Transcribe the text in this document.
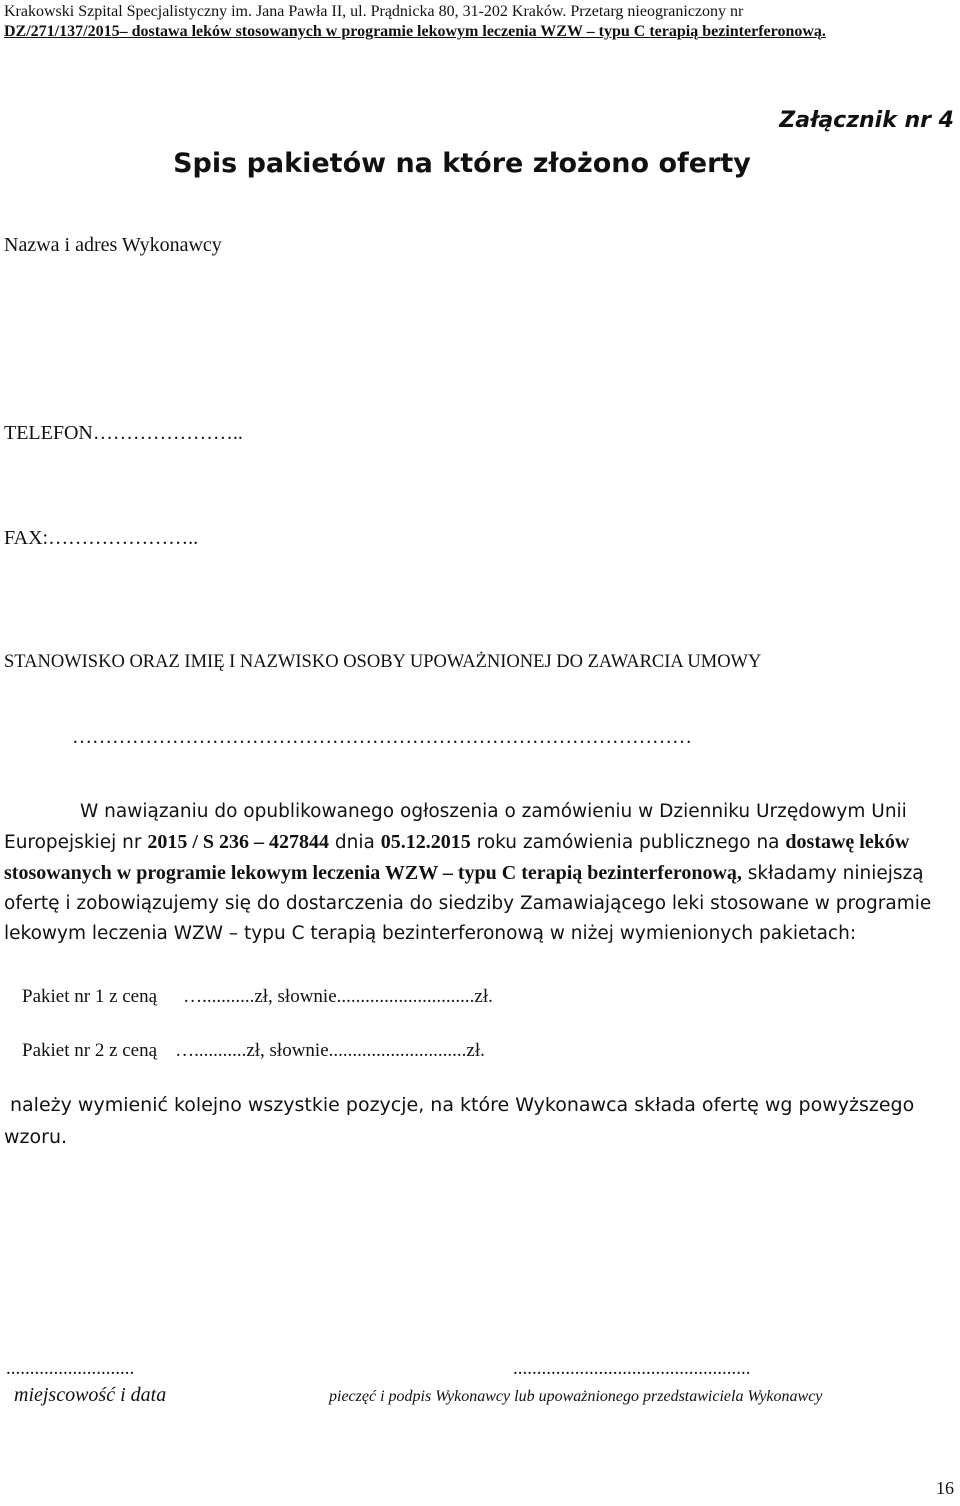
Krakowski Szpital Specjalistyczny im. Jana Pawła II, ul. Prądnicka 80, 31-202 Kraków. Przetarg nieograniczony nr
DZ/271/137/2015– dostawa leków stosowanych w programie lekowym leczenia WZW – typu C terapią bezinterferonową.
Załącznik nr 4
Spis pakietów na które złożono oferty
Nazwa i adres Wykonawcy
TELEFON…………………..
FAX:…………………..
STANOWISKO ORAZ IMIĘ I NAZWISKO OSOBY UPOWAŻNIONEJ DO ZAWARCIA UMOWY
…………………………………………………………………………………
W nawiązaniu do opublikowanego ogłoszenia o zamówieniu w Dzienniku Urzędowym Unii Europejskiej nr 2015 / S 236 – 427844 dnia 05.12.2015 roku zamówienia publicznego na dostawę leków stosowanych w programie lekowym leczenia WZW – typu C terapią bezinterferonową, składamy niniejszą ofertę i zobowiązujemy się do dostarczenia do siedziby Zamawiającego leki stosowane w programie lekowym leczenia WZW – typu C terapią bezinterferonową w niżej wymienionych pakietach:
Pakiet nr 1 z ceną …...........zł, słownie.............................zł.
Pakiet nr 2 z ceną …...........zł, słownie.............................zł.
należy wymienić kolejno wszystkie pozycje, na które Wykonawca składa ofertę wg powyższego wzoru.
...........................
miejscowość i data
..................................................
pieczęć i podpis Wykonawcy lub upoważnionego przedstawiciela Wykonawcy
16
